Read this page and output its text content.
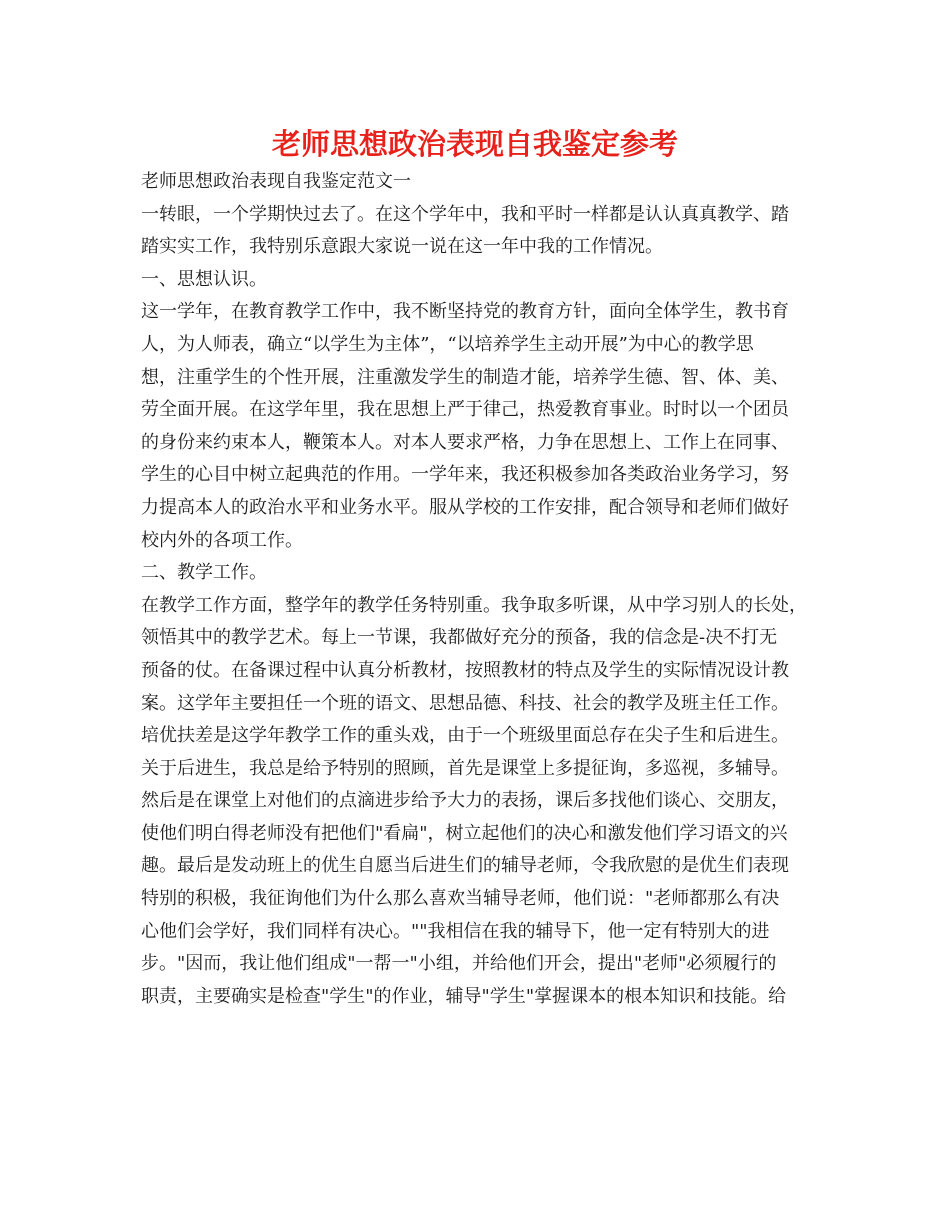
老师思想政治表现自我鉴定参考

老师思想政治表现自我鉴定范文一

一转眼，一个学期快过去了。在这个学年中，我和平时一样都是认认真真教学、踏

踏实实工作，我特别乐意跟大家说一说在这一年中我的工作情况。

一、思想认识。

这一学年，在教育教学工作中，我不断坚持党的教育方针，面向全体学生，教书育

人，为人师表，确立“以学生为主体”，“以培养学生主动开展”为中心的教学思

想，注重学生的个性开展，注重激发学生的制造才能，培养学生德、智、体、美、

劳全面开展。在这学年里，我在思想上严于律己，热爱教育事业。时时以一个团员

的身份来约束本人，鞭策本人。对本人要求严格，力争在思想上、工作上在同事、

学生的心目中树立起典范的作用。一学年来，我还积极参加各类政治业务学习，努

力提高本人的政治水平和业务水平。服从学校的工作安排，配合领导和老师们做好

校内外的各项工作。

二、教学工作。

在教学工作方面，整学年的教学任务特别重。我争取多听课，从中学习别人的长处，

领悟其中的教学艺术。每上一节课，我都做好充分的预备，我的信念是-决不打无

预备的仗。在备课过程中认真分析教材，按照教材的特点及学生的实际情况设计教

案。这学年主要担任一个班的语文、思想品德、科技、社会的教学及班主任工作。

培优扶差是这学年教学工作的重头戏，由于一个班级里面总存在尖子生和后进生。

关于后进生，我总是给予特别的照顾，首先是课堂上多提征询，多巡视，多辅导。

然后是在课堂上对他们的点滴进步给予大力的表扬，课后多找他们谈心、交朋友，

使他们明白得老师没有把他们"看扁"，树立起他们的决心和激发他们学习语文的兴

趣。最后是发动班上的优生自愿当后进生们的辅导老师，令我欣慰的是优生们表现

特别的积极，我征询他们为什么那么喜欢当辅导老师，他们说："老师都那么有决

心他们会学好，我们同样有决心。""我相信在我的辅导下，他一定有特别大的进

步。"因而，我让他们组成"一帮一"小组，并给他们开会，提出"老师"必须履行的

职责，主要确实是检查"学生"的作业，辅导"学生"掌握课本的根本知识和技能。给
